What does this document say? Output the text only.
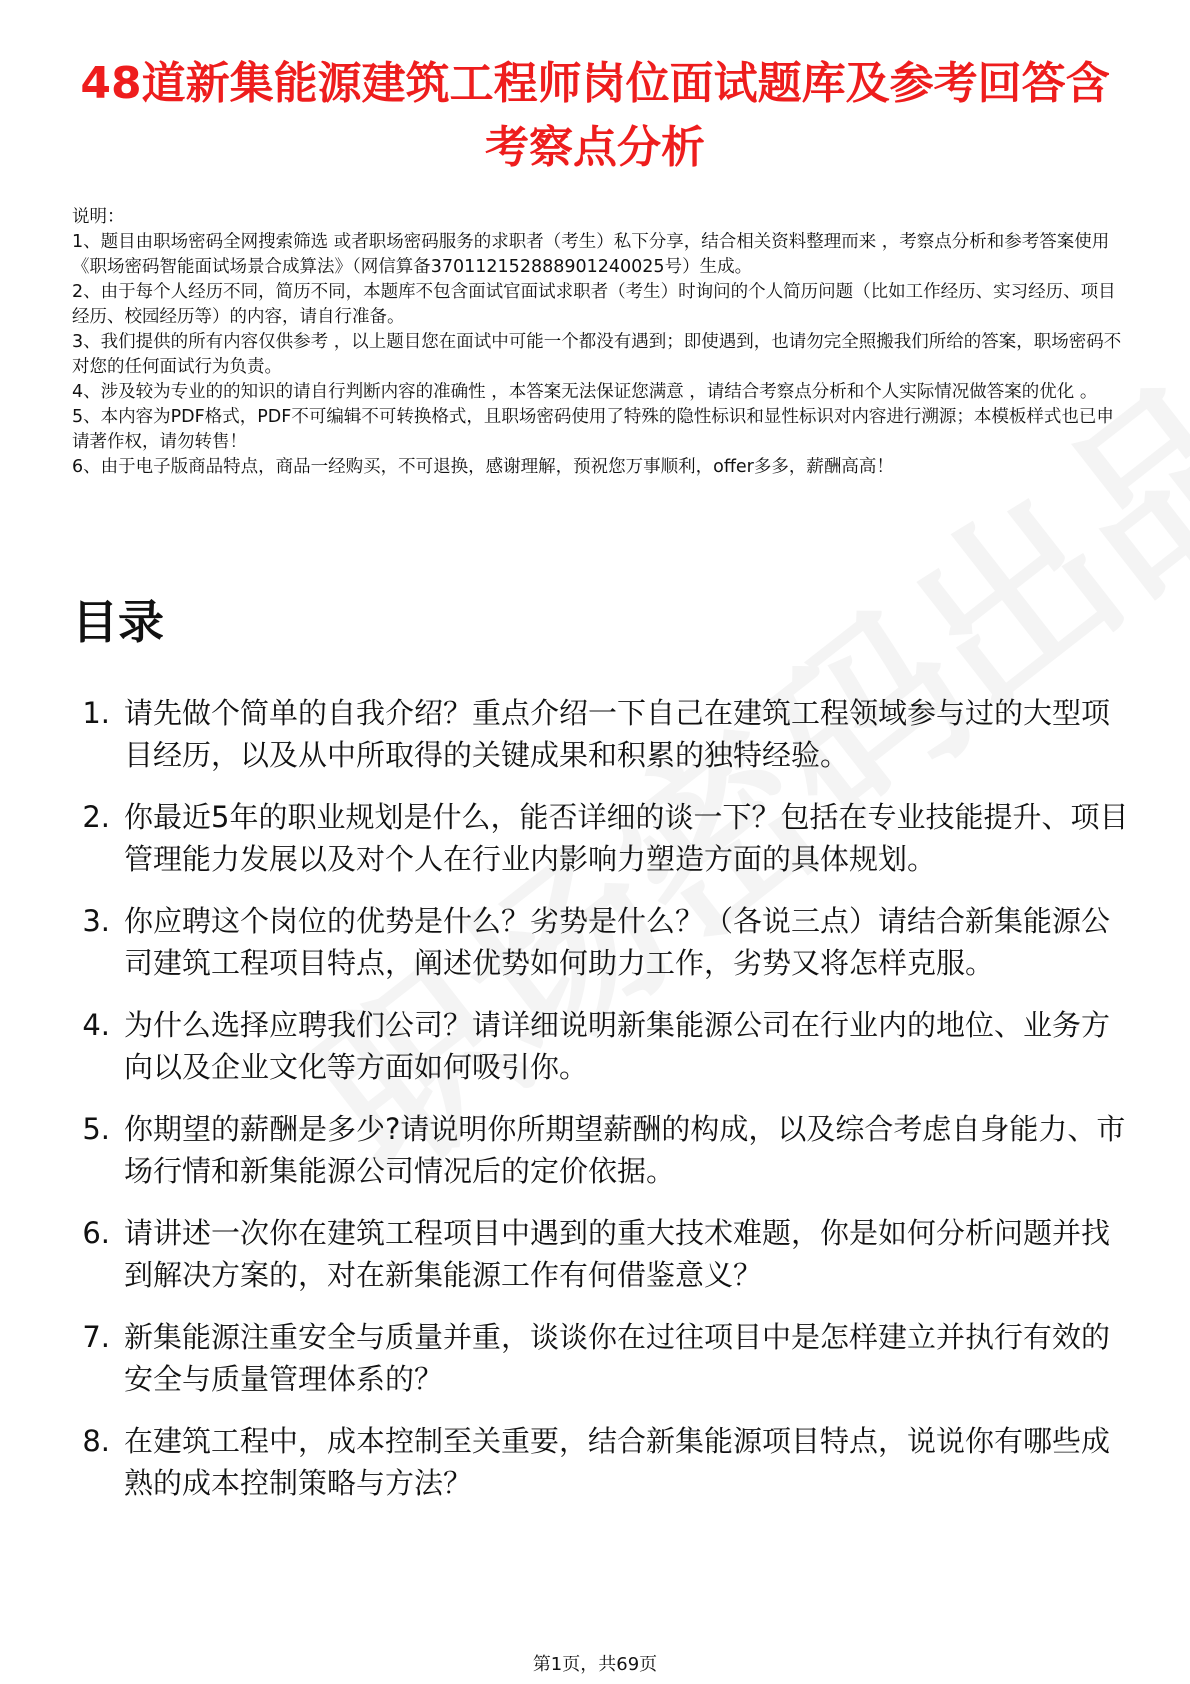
48道新集能源建筑工程师岗位面试题库及参考回答含考察点分析

说明：

1、题目由职场密码全网搜索筛选 或者职场密码服务的求职者（考生）私下分享，结合相关资料整理而来 ，考察点分析和参考答案使用《职场密码智能面试场景合成算法》（网信算备370112152888901240025号）生成。

2、由于每个人经历不同，简历不同，本题库不包含面试官面试求职者（考生）时询问的个人简历问题（比如工作经历、实习经历、项目经历、校园经历等）的内容，请自行准备。

3、我们提供的所有内容仅供参考 ，以上题目您在面试中可能一个都没有遇到；即使遇到，也请勿完全照搬我们所给的答案，职场密码不对您的任何面试行为负责。

4、涉及较为专业的的知识的请自行判断内容的准确性 ，本答案无法保证您满意 ，请结合考察点分析和个人实际情况做答案的优化 。

5、本内容为PDF格式，PDF不可编辑不可转换格式，且职场密码使用了特殊的隐性标识和显性标识对内容进行溯源；本模板样式也已申请著作权，请勿转售！

6、由于电子版商品特点，商品一经购买，不可退换，感谢理解，预祝您万事顺利，offer多多，薪酬高高！

目录
1. 请先做个简单的自我介绍？重点介绍一下自己在建筑工程领域参与过的大型项目经历，以及从中所取得的关键成果和积累的独特经验。
2. 你最近5年的职业规划是什么，能否详细的谈一下？包括在专业技能提升、项目管理能力发展以及对个人在行业内影响力塑造方面的具体规划。
3. 你应聘这个岗位的优势是什么？劣势是什么？（各说三点）请结合新集能源公司建筑工程项目特点，阐述优势如何助力工作，劣势又将怎样克服。
4. 为什么选择应聘我们公司？请详细说明新集能源公司在行业内的地位、业务方向以及企业文化等方面如何吸引你。
5. 你期望的薪酬是多少?请说明你所期望薪酬的构成，以及综合考虑自身能力、市场行情和新集能源公司情况后的定价依据。
6. 请讲述一次你在建筑工程项目中遇到的重大技术难题，你是如何分析问题并找到解决方案的，对在新集能源工作有何借鉴意义？
7. 新集能源注重安全与质量并重，谈谈你在过往项目中是怎样建立并执行有效的安全与质量管理体系的？
8. 在建筑工程中，成本控制至关重要，结合新集能源项目特点，说说你有哪些成熟的成本控制策略与方法？
第1页，共69页
